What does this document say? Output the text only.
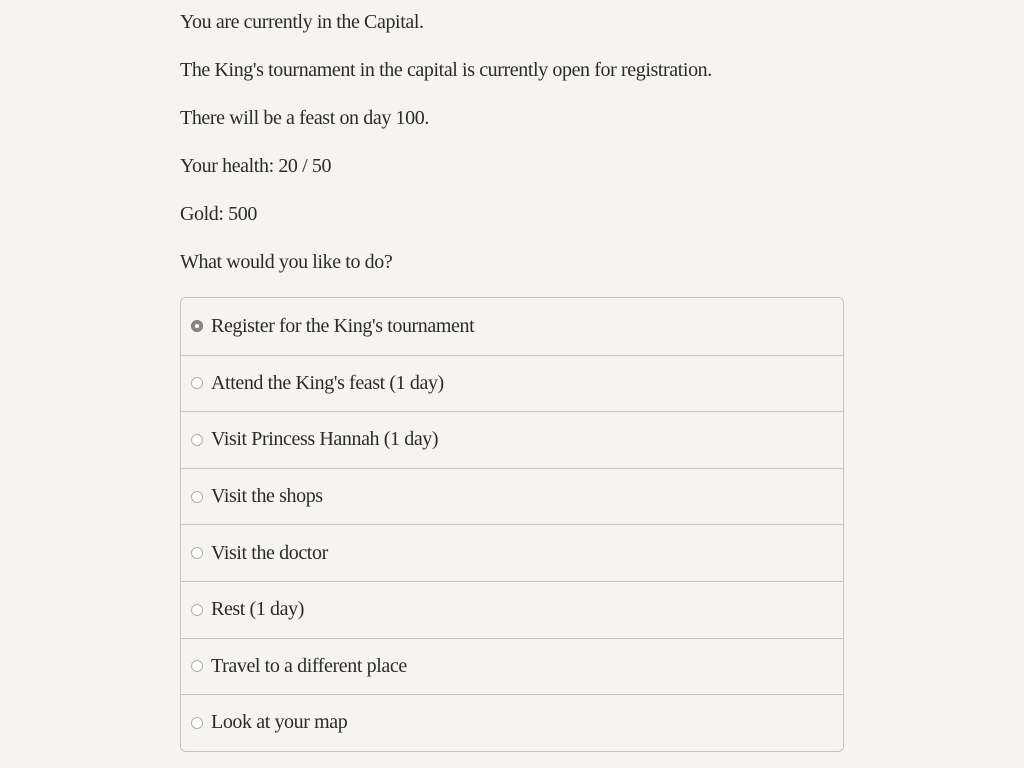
You are currently in the Capital.

The King's tournament in the capital is currently open for registration.

There will be a feast on day 100.

Your health: 20 / 50

Gold: 500

What would you like to do?

Register for the King's tournament
Attend the King's feast (1 day)
Visit Princess Hannah (1 day)
Visit the shops
Visit the doctor
Rest (1 day)
Travel to a different place
Look at your map
